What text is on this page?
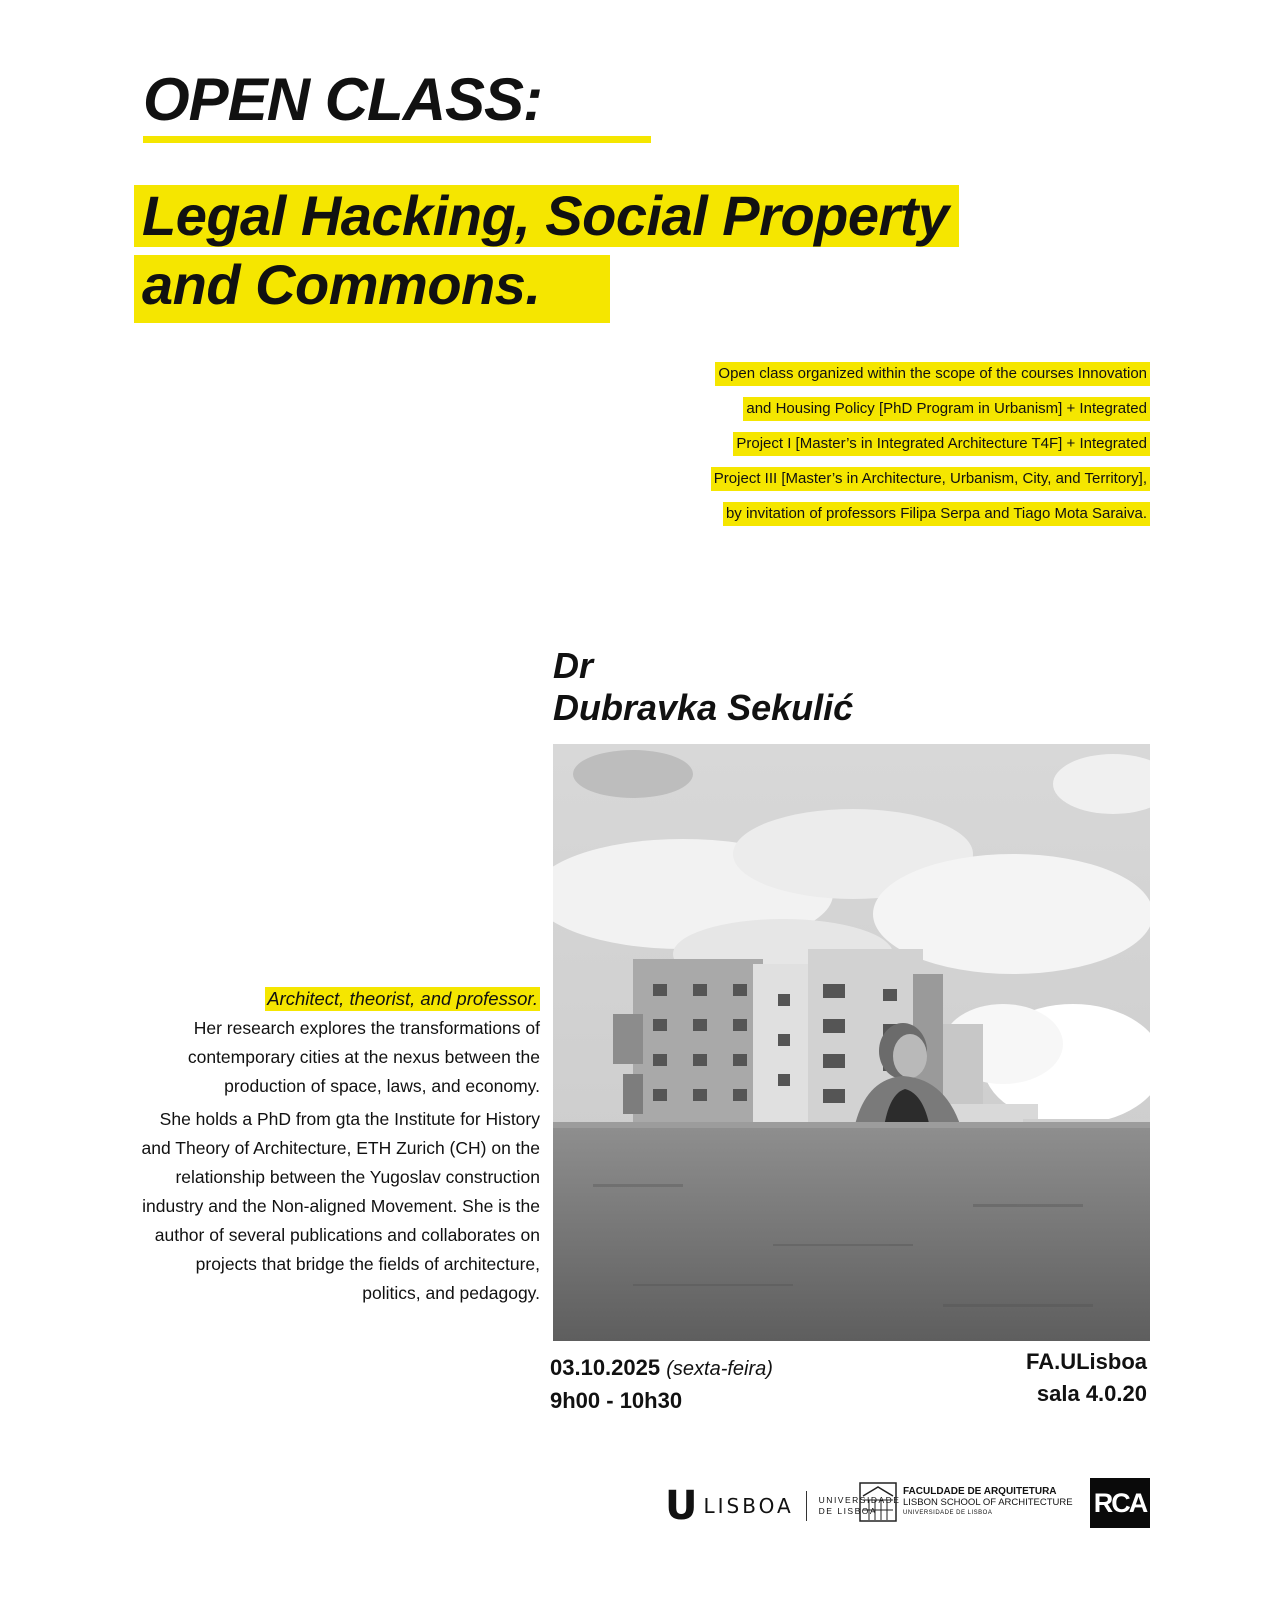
OPEN CLASS:
Legal Hacking, Social Property
and Commons.
Open class organized within the scope of the courses Innovation
and Housing Policy [PhD Program in Urbanism] + Integrated
Project I [Master’s in Integrated Architecture T4F] + Integrated
Project III [Master’s in Architecture, Urbanism, City, and Territory],
by invitation of professors Filipa Serpa and Tiago Mota Saraiva.
Dr
Dubravka Sekulić
Architect, theorist, and professor.

Her research explores the transformations of contemporary cities at the nexus between the production of space, laws, and economy.

She holds a PhD from gta the Institute for History and Theory of Architecture, ETH Zurich (CH) on the relationship between the Yugoslav construction industry and the Non-aligned Movement. She is the author of several publications and collaborates on projects that bridge the fields of architecture, politics, and pedagogy.

03.10.2025 (sexta-feira)
9h00 - 10h30
FA.ULisboa
sala 4.0.20
U LISBOA	UNIVERSIDADE
DE LISBOA
FACULDADE DE ARQUITETURA
LISBON SCHOOL OF ARCHITECTURE
UNIVERSIDADE DE LISBOA	RCA
